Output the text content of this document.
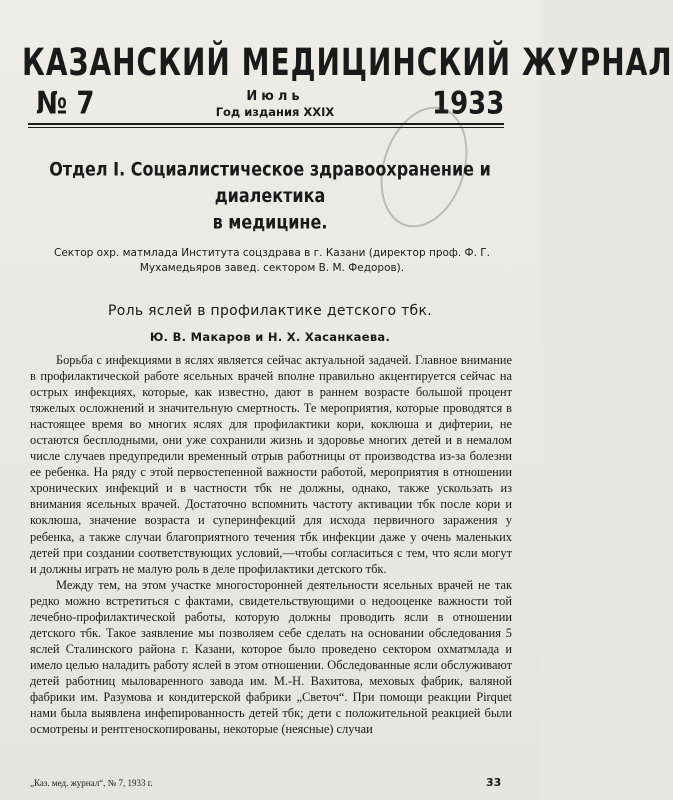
КАЗАНСКИЙ МЕДИЦИНСКИЙ ЖУРНАЛ
№ 7	Июль
Год издания XXIX	1933
Отдел I. Социалистическое здравоохранение и диалектика
в медицине.
Сектор охр. матмлада Института соцздрава в г. Казани (директор проф. Ф. Г.
Мухамедьяров завед. сектором В. М. Федоров).
Роль яслей в профилактике детского тбк.
Ю. В. Макаров и Н. Х. Хасанкаева.

Борьба с инфекциями в яслях является сейчас актуальной задачей. Главное внимание в профилактической работе ясельных врачей вполне правильно акцентируется сейчас на острых инфекциях, которые, как известно, дают в раннем возрасте большой процент тяжелых осложнений и значительную смертность. Те мероприятия, которые проводятся в настоящее время во многих яслях для профилактики кори, коклюша и дифтерии, не остаются бесплодными, они уже сохранили жизнь и здоровье многих детей и в немалом числе случаев предупредили временный отрыв работницы от производства из-за болезни ее ребенка. На ряду с этой первостепенной важности работой, мероприятия в отношении хронических инфекций и в частности тбк не должны, однако, также ускользать из внимания ясельных врачей. Достаточно вспомнить частоту активации тбк после кори и коклюша, значение возраста и суперинфекций для исхода первичного заражения у ребенка, а также случаи благоприятного течения тбк инфекции даже у очень маленьких детей при создании соответствующих условий,—чтобы согласиться с тем, что ясли могут и должны играть не малую роль в деле профилактики детского тбк.

Между тем, на этом участке многосторонней деятельности ясельных врачей не так редко можно встретиться с фактами, свидетельствующими о недооценке важности той лечебно-профилактической работы, которую должны проводить ясли в отношении детского тбк. Такое заявление мы позволяем себе сделать на основании обследования 5 яслей Сталинского района г. Казани, которое было проведено сектором охматмлада и имело целью наладить работу яслей в этом отношении. Обследованные ясли обслуживают детей работниц мыловаренного завода им. М.-Н. Вахитова, меховых фабрик, валяной фабрики им. Разумова и кондитерской фабрики „Светоч“. При помощи реакции Pirquet нами была выявлена инфепированность детей тбк; дети с положительной реакцией были осмотрены и рентгеноскопированы, некоторые (неясные) случаи

„Каз. мед. журнал“, № 7, 1933 г.	33
